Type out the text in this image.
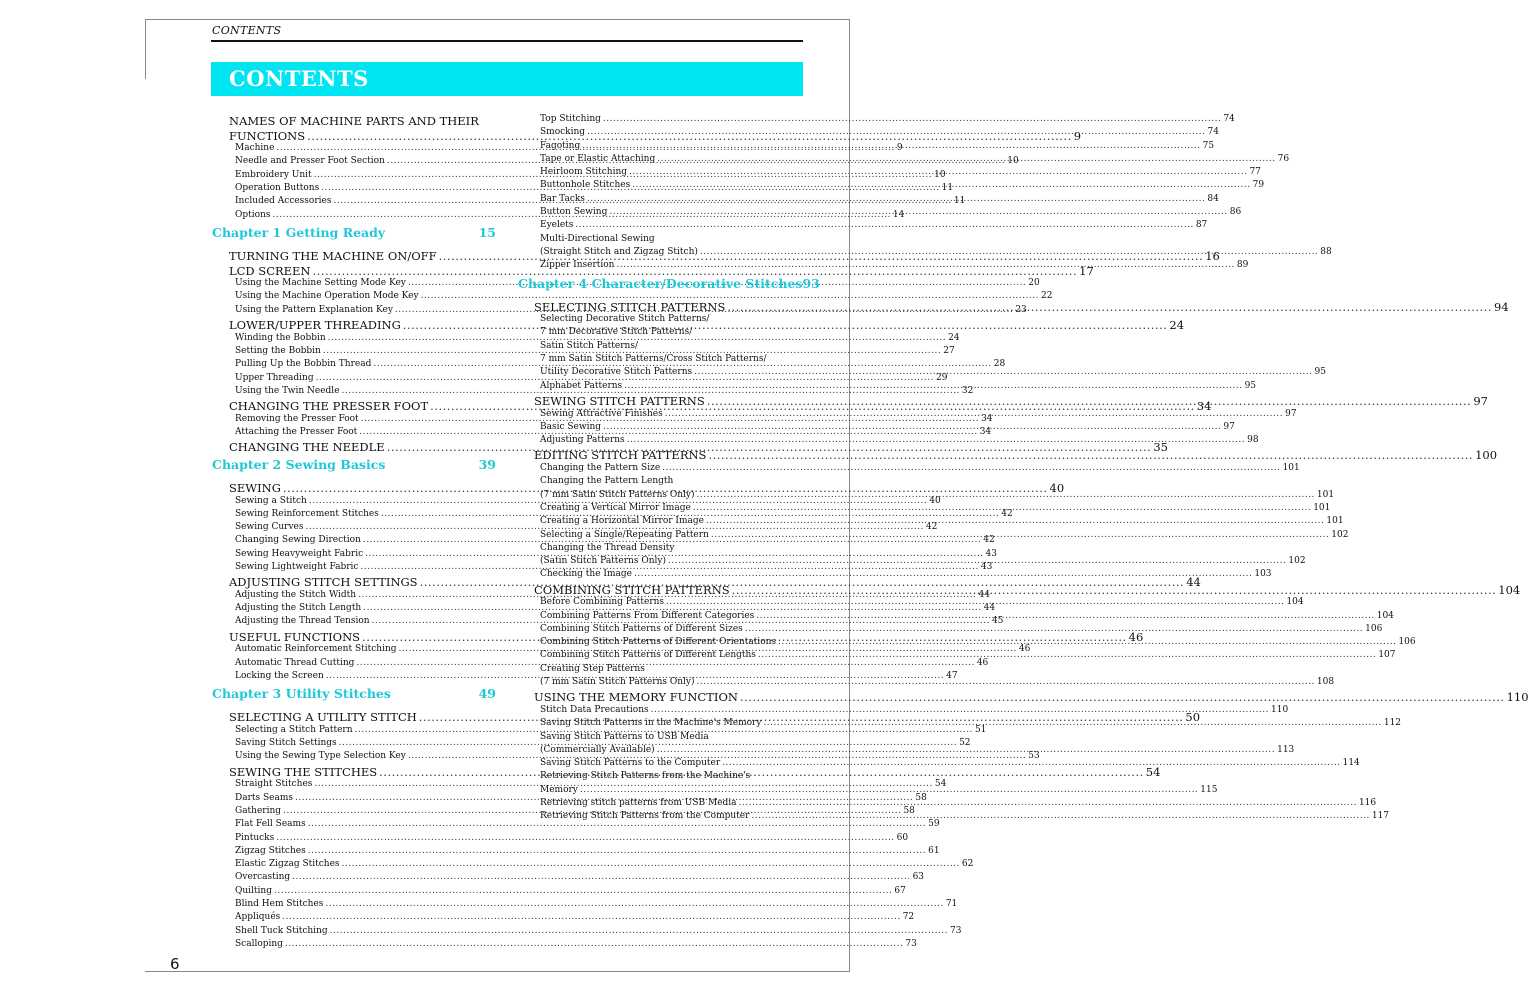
CONTENTS
CONTENTS
NAMES OF MACHINE PARTS AND THEIR
FUNCTIONS .....	9
Machine .....	9
Needle and Presser Foot Section .....	10
Embroidery Unit .....	10
Operation Buttons .....	11
Included Accessories .....	11
Options .....	14
Chapter 1 Getting Ready	15
TURNING THE MACHINE ON/OFF .....	16
LCD SCREEN .....	17
Using the Machine Setting Mode Key .....	20
Using the Machine Operation Mode Key .....	22
Using the Pattern Explanation Key .....	23
LOWER/UPPER THREADING .....	24
Winding the Bobbin .....	24
Setting the Bobbin .....	27
Pulling Up the Bobbin Thread .....	28
Upper Threading .....	29
Using the Twin Needle .....	32
CHANGING THE PRESSER FOOT .....	34
Removing the Presser Foot .....	34
Attaching the Presser Foot .....	34
CHANGING THE NEEDLE .....	35
Chapter 2 Sewing Basics	39
SEWING .....	40
Sewing a Stitch .....	40
Sewing Reinforcement Stitches .....	42
Sewing Curves .....	42
Changing Sewing Direction .....	42
Sewing Heavyweight Fabric .....	43
Sewing Lightweight Fabric .....	43
ADJUSTING STITCH SETTINGS .....	44
Adjusting the Stitch Width .....	44
Adjusting the Stitch Length .....	44
Adjusting the Thread Tension .....	45
USEFUL FUNCTIONS .....	46
Automatic Reinforcement Stitching .....	46
Automatic Thread Cutting .....	46
Locking the Screen .....	47
Chapter 3 Utility Stitches	49
SELECTING A UTILITY STITCH .....	50
Selecting a Stitch Pattern .....	51
Saving Stitch Settings .....	52
Using the Sewing Type Selection Key .....	53
SEWING THE STITCHES .....	54
Straight Stitches .....	54
Darts Seams .....	58
Gathering .....	58
Flat Fell Seams .....	59
Pintucks .....	60
Zigzag Stitches .....	61
Elastic Zigzag Stitches .....	62
Overcasting .....	63
Quilting .....	67
Blind Hem Stitches .....	71
Appliqués .....	72
Shell Tuck Stitching .....	73
Scalloping .....	73
Top Stitching .....	74
Smocking .....	74
Fagoting .....	75
Tape or Elastic Attaching .....	76
Heirloom Stitching .....	77
Buttonhole Stitches .....	79
Bar Tacks .....	84
Button Sewing .....	86
Eyelets .....	87
Multi-Directional Sewing
(Straight Stitch and Zigzag Stitch) .....	88
Zipper Insertion .....	89
Chapter 4 Character/Decorative Stitches 93
SELECTING STITCH PATTERNS .....	94
Selecting Decorative Stitch Patterns/
7 mm Decorative Stitch Patterns/
Satin Stitch Patterns/
7 mm Satin Stitch Patterns/Cross Stitch Patterns/
Utility Decorative Stitch Patterns .....	95
Alphabet Patterns .....	95
SEWING STITCH PATTERNS .....	97
Sewing Attractive Finishes .....	97
Basic Sewing .....	97
Adjusting Patterns .....	98
EDITING STITCH PATTERNS .....	100
Changing the Pattern Size .....	101
Changing the Pattern Length
(7 mm Satin Stitch Patterns Only) .....	101
Creating a Vertical Mirror Image .....	101
Creating a Horizontal Mirror Image .....	101
Selecting a Single/Repeating Pattern .....	102
Changing the Thread Density
(Satin Stitch Patterns Only) .....	102
Checking the Image .....	103
COMBINING STITCH PATTERNS .....	104
Before Combining Patterns .....	104
Combining Patterns From Different Categories .....	104
Combining Stitch Patterns of Different Sizes .....	106
Combining Stitch Patterns of Different Orientations .....	106
Combining Stitch Patterns of Different Lengths .....	107
Creating Step Patterns
(7 mm Satin Stitch Patterns Only) .....	108
USING THE MEMORY FUNCTION .....	110
Stitch Data Precautions .....	110
Saving Stitch Patterns in the Machine's Memory .....	112
Saving Stitch Patterns to USB Media
(Commercially Available) .....	113
Saving Stitch Patterns to the Computer .....	114
Retrieving Stitch Patterns from the Machine's
Memory .....	115
Retrieving stitch patterns from USB Media .....	116
Retrieving Stitch Patterns from the Computer .....	117
6
